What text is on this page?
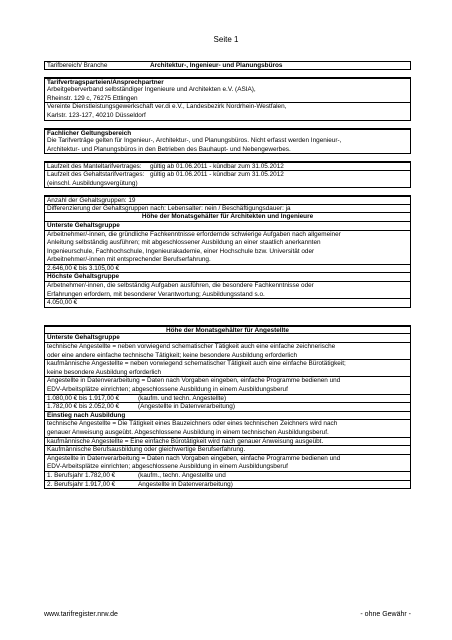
Seite 1
Tarifbereich/ Branche	Architektur-, Ingenieur- und Planungsbüros
Tarifvertragsparteien/Ansprechpartner
Arbeitgeberverband selbständiger Ingenieure und Architekten e.V. (ASIA),
Rheinstr. 129 c, 76275 Ettlingen
Vereinte Dienstleistungsgewerkschaft ver.di e.V., Landesbezirk Nordrhein-Westfalen,
Karlstr. 123-127, 40210 Düsseldorf
Fachlicher Geltungsbereich
Die Tarifverträge gelten für Ingenieur-, Architektur-, und Planungsbüros. Nicht erfasst werden Ingenieur-,
Architektur- und Planungsbüros in den Betrieben des Bauhaupt- und Nebengewerbes.
Laufzeit des Manteltarifvertrages: gültig ab 01.06.2011 - kündbar zum 31.05.2012
Laufzeit des Gehaltstarifvertrages: gültig ab 01.06.2011 - kündbar zum 31.05.2012
(einschl. Ausbildungsvergütung)
Anzahl der Gehaltsgruppen: 19
Differenzierung der Gehaltsgruppen nach: Lebensalter: nein / Beschäftigungsdauer: ja
Höhe der Monatsgehälter für Architekten und Ingenieure
Unterste Gehaltsgruppe
Arbeitnehmer/-innen, die gründliche Fachkenntnisse erfordernde schwierige Aufgaben nach allgemeiner
Anleitung selbständig ausführen; mit abgeschlossener Ausbildung an einer staatlich anerkannten
Ingenieurschule, Fachhochschule, Ingenieurakademie, einer Hochschule bzw. Universität oder
Arbeitnehmer/-innen mit entsprechender Berufserfahrung.
2.646,00 € bis 3.105,00 €
Höchste Gehaltsgruppe
Arbetnehmer/-innen, die selbständig Aufgaben ausführen, die besondere Fachkenntnisse oder
Erfahrungen erfordern, mit besonderer Verantwortung; Ausbildungsstand s.o.
4.050,00 €
Höhe der Monatsgehälter für Angestellte
Unterste Gehaltsgruppe
technische Angestellte = neben vorwiegend schematischer Tätigkeit auch eine einfache zeichnerische
oder eine andere einfache technische Tätigkeit; keine besondere Ausbildung erforderlich
kaufmännische Angestellte = neben vorwiegend schematischer Tätigkeit auch eine einfache Bürotätigkeit;
keine besondere Ausbildung erforderlich
Angestellte in Datenverarbeitung = Daten nach Vorgaben eingeben, einfache Programme bedienen und
EDV-Arbeitsplätze einrichten; abgeschlossene Ausbildung in einem Ausbildungsberuf
1.080,00 € bis 1.917,00 €	(kaufm. und techn. Angestellte)
1.782,00 € bis 2.052,00 €	(Angestellte in Datenverarbeitung)
Einstieg nach Ausbildung
technische Angestellte = Die Tätigkeit eines Bauzeichners oder eines technischen Zeichners wird nach
genauer Anweisung ausgeübt. Abgeschlossene Ausbildung in einem technischen Ausbildungsberuf.
kaufmännische Angestellte = Eine einfache Bürotätigkeit wird nach genauer Anweisung ausgeübt.
Kaufmännische Berufsausbildung oder gleichwertige Berufserfahrung.
Angestellte in Datenverarbeitung = Daten nach Vorgaben eingeben, einfache Programme bedienen und
EDV-Arbeitsplätze einrichten; abgeschlossene Ausbildung in einem Ausbildungsberuf
1. Berufsjahr 1.782,00 €	(kaufm., techn. Angestellte und
2. Berufsjahr 1.917,00 €	Angestellte in Datenverarbeitung)
www.tarifregister.nrw.de	- ohne Gewähr -
